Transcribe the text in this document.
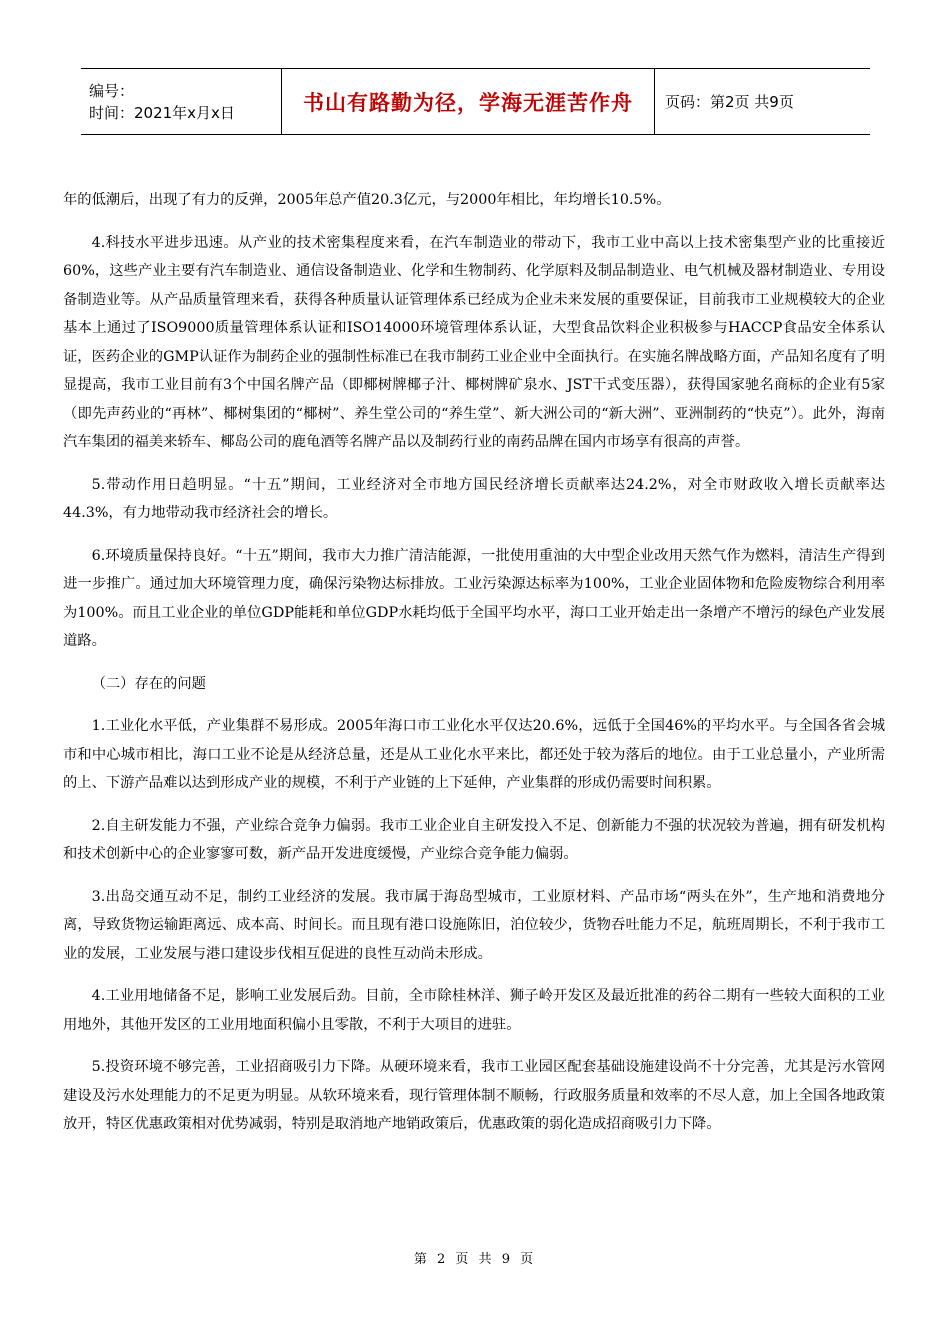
编号：
时间：2021年x月x日	书山有路勤为径，学海无涯苦作舟 页码：第2页 共9页

年的低潮后，出现了有力的反弹，2005年总产值20.3亿元，与2000年相比，年均增长10.5%。

4.科技水平进步迅速。从产业的技术密集程度来看，在汽车制造业的带动下，我市工业中高以上技术密集型产业的比重接近60%，这些产业主要有汽车制造业、通信设备制造业、化学和生物制药、化学原料及制品制造业、电气机械及器材制造业、专用设备制造业等。从产品质量管理来看，获得各种质量认证管理体系已经成为企业未来发展的重要保证，目前我市工业规模较大的企业基本上通过了ISO9000质量管理体系认证和ISO14000环境管理体系认证，大型食品饮料企业积极参与HACCP食品安全体系认证，医药企业的GMP认证作为制药企业的强制性标准已在我市制药工业企业中全面执行。在实施名牌战略方面，产品知名度有了明显提高，我市工业目前有3个中国名牌产品（即椰树牌椰子汁、椰树牌矿泉水、JST干式变压器），获得国家驰名商标的企业有5家（即先声药业的“再林”、椰树集团的“椰树”、养生堂公司的“养生堂”、新大洲公司的“新大洲”、亚洲制药的“快克”）。此外，海南汽车集团的福美来轿车、椰岛公司的鹿龟酒等名牌产品以及制药行业的南药品牌在国内市场享有很高的声誉。

5.带动作用日趋明显。“十五”期间，工业经济对全市地方国民经济增长贡献率达24.2%，对全市财政收入增长贡献率达44.3%，有力地带动我市经济社会的增长。

6.环境质量保持良好。“十五”期间，我市大力推广清洁能源，一批使用重油的大中型企业改用天然气作为燃料，清洁生产得到进一步推广。通过加大环境管理力度，确保污染物达标排放。工业污染源达标率为100%，工业企业固体物和危险废物综合利用率为100%。而且工业企业的单位GDP能耗和单位GDP水耗均低于全国平均水平，海口工业开始走出一条增产不增污的绿色产业发展道路。

（二）存在的问题

1.工业化水平低，产业集群不易形成。2005年海口市工业化水平仅达20.6%，远低于全国46%的平均水平。与全国各省会城市和中心城市相比，海口工业不论是从经济总量，还是从工业化水平来比，都还处于较为落后的地位。由于工业总量小，产业所需的上、下游产品难以达到形成产业的规模，不利于产业链的上下延伸，产业集群的形成仍需要时间积累。

2.自主研发能力不强，产业综合竞争力偏弱。我市工业企业自主研发投入不足、创新能力不强的状况较为普遍，拥有研发机构和技术创新中心的企业寥寥可数，新产品开发进度缓慢，产业综合竞争能力偏弱。

3.出岛交通互动不足，制约工业经济的发展。我市属于海岛型城市，工业原材料、产品市场“两头在外”，生产地和消费地分离，导致货物运输距离远、成本高、时间长。而且现有港口设施陈旧，泊位较少，货物吞吐能力不足，航班周期长，不利于我市工业的发展，工业发展与港口建设步伐相互促进的良性互动尚未形成。

4.工业用地储备不足，影响工业发展后劲。目前，全市除桂林洋、狮子岭开发区及最近批准的药谷二期有一些较大面积的工业用地外，其他开发区的工业用地面积偏小且零散，不利于大项目的进驻。

5.投资环境不够完善，工业招商吸引力下降。从硬环境来看，我市工业园区配套基础设施建设尚不十分完善，尤其是污水管网建设及污水处理能力的不足更为明显。从软环境来看，现行管理体制不顺畅，行政服务质量和效率的不尽人意，加上全国各地政策放开，特区优惠政策相对优势减弱，特别是取消地产地销政策后，优惠政策的弱化造成招商吸引力下降。

第 2 页 共 9 页
